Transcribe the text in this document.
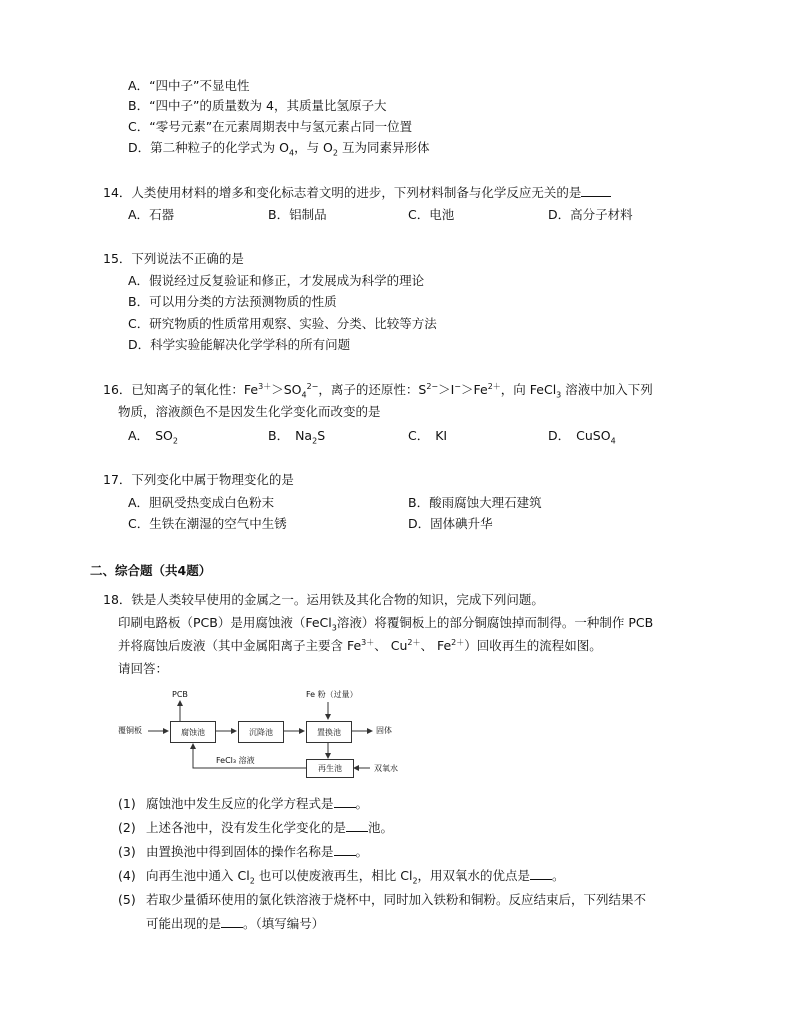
A．“四中子”不显电性
B．“四中子”的质量数为 4，其质量比氢原子大
C．“零号元素”在元素周期表中与氢元素占同一位置
D．第二种粒子的化学式为 $O_4$，与 $O_2$ 互为同素异形体
14．人类使用材料的增多和变化标志着文明的进步，下列材料制备与化学反应无关的是
A．石器	B．铝制品	C．电池	D．高分子材料
15．下列说法不正确的是
A．假说经过反复验证和修正，才发展成为科学的理论
B．可以用分类的方法预测物质的性质
C．研究物质的性质常用观察、实验、分类、比较等方法
D．科学实验能解决化学学科的所有问题
16．已知离子的氧化性：$Fe^{3+}>SO_4^{2-}$，离子的还原性：$S^{2-}>I^->Fe^{2+}$，向 FeCl$_3$ 溶液中加入下列
物质，溶液颜色不是因发生化学变化而改变的是
A． $SO_2$	B． $Na_2S$	C． KI	D． CuSO$_4$
17．下列变化中属于物理变化的是
A．胆矾受热变成白色粉末	B．酸雨腐蚀大理石建筑
C．生铁在潮湿的空气中生锈	D．固体碘升华
二、综合题（共4题）
18．铁是人类较早使用的金属之一。运用铁及其化合物的知识，完成下列问题。
印刷电路板（PCB）是用腐蚀液（FeCl$_3$溶液）将覆铜板上的部分铜腐蚀掉而制得。一种制作 PCB
并将腐蚀后废液（其中金属阳离子主要含 $Fe^{3+}$、 $Cu^{2+}$、 $Fe^{2+}$）回收再生的流程如图。
请回答：
覆铜板	腐蚀池	沉降池	置换池	固体
PCB	Fe 粉（过量）
再生池
FeCl₃ 溶液
双氧水
(1) 腐蚀池中发生反应的化学方程式是 。
(2) 上述各池中，没有发生化学变化的是 池。
(3) 由置换池中得到固体的操作名称是 。
(4) 向再生池中通入 $Cl_2$ 也可以使废液再生，相比 $Cl_2$，用双氧水的优点是 。
(5) 若取少量循环使用的氯化铁溶液于烧杯中，同时加入铁粉和铜粉。反应结束后，下列结果不
可能出现的是 。（填写编号）
